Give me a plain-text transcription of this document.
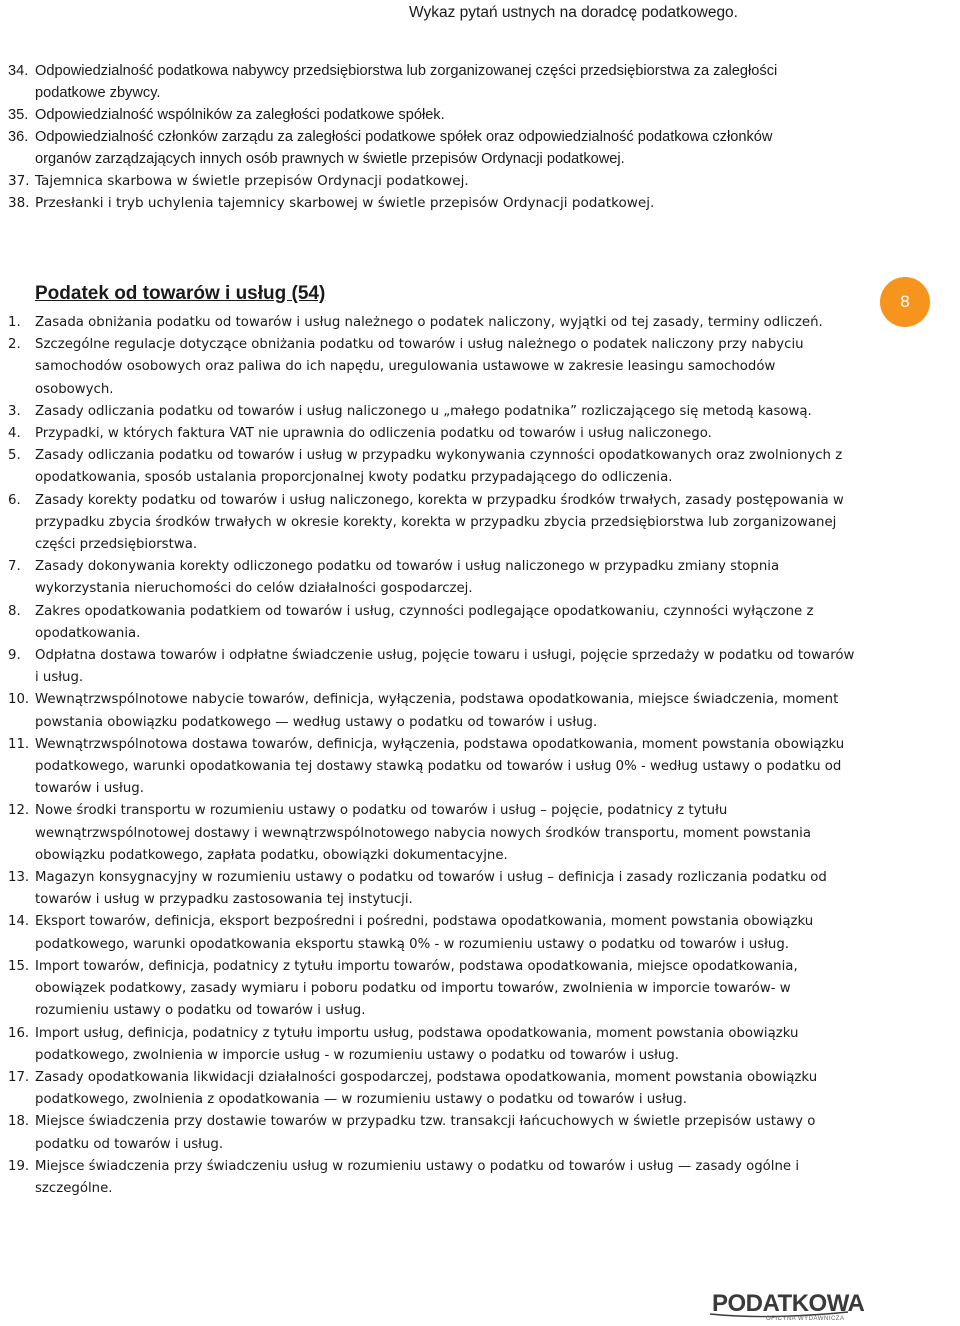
Wykaz pytań ustnych na doradcę podatkowego.
34. Odpowiedzialność podatkowa nabywcy przedsiębiorstwa lub zorganizowanej części przedsiębiorstwa za zaległości podatkowe zbywcy.
35. Odpowiedzialność wspólników za zaległości podatkowe spółek.
36. Odpowiedzialność członków zarządu za zaległości podatkowe spółek oraz odpowiedzialność podatkowa członków organów zarządzających innych osób prawnych w świetle przepisów Ordynacji podatkowej.
37. Tajemnica skarbowa w świetle przepisów Ordynacji podatkowej.
38. Przesłanki i tryb uchylenia tajemnicy skarbowej w świetle przepisów Ordynacji podatkowej.
Podatek od towarów i usług (54)	8
1. Zasada obniżania podatku od towarów i usług należnego o podatek naliczony, wyjątki od tej zasady, terminy odliczeń.
2. Szczególne regulacje dotyczące obniżania podatku od towarów i usług należnego o podatek naliczony przy nabyciu samochodów osobowych oraz paliwa do ich napędu, uregulowania ustawowe w zakresie leasingu samochodów osobowych.
3. Zasady odliczania podatku od towarów i usług naliczonego u „małego podatnika” rozliczającego się metodą kasową.
4. Przypadki, w których faktura VAT nie uprawnia do odliczenia podatku od towarów i usług naliczonego.
5. Zasady odliczania podatku od towarów i usług w przypadku wykonywania czynności opodatkowanych oraz zwolnionych z opodatkowania, sposób ustalania proporcjonalnej kwoty podatku przypadającego do odliczenia.
6. Zasady korekty podatku od towarów i usług naliczonego, korekta w przypadku środków trwałych, zasady postępowania w przypadku zbycia środków trwałych w okresie korekty, korekta w przypadku zbycia przedsiębiorstwa lub zorganizowanej części przedsiębiorstwa.
7. Zasady dokonywania korekty odliczonego podatku od towarów i usług naliczonego w przypadku zmiany stopnia wykorzystania nieruchomości do celów działalności gospodarczej.
8. Zakres opodatkowania podatkiem od towarów i usług, czynności podlegające opodatkowaniu, czynności wyłączone z opodatkowania.
9. Odpłatna dostawa towarów i odpłatne świadczenie usług, pojęcie towaru i usługi, pojęcie sprzedaży w podatku od towarów i usług.
10. Wewnątrzwspólnotowe nabycie towarów, definicja, wyłączenia, podstawa opodatkowania, miejsce świadczenia, moment powstania obowiązku podatkowego — według ustawy o podatku od towarów i usług.
11. Wewnątrzwspólnotowa dostawa towarów, definicja, wyłączenia, podstawa opodatkowania, moment powstania obowiązku podatkowego, warunki opodatkowania tej dostawy stawką podatku od towarów i usług 0% - według ustawy o podatku od towarów i usług.
12. Nowe środki transportu w rozumieniu ustawy o podatku od towarów i usług – pojęcie, podatnicy z tytułu wewnątrzwspólnotowej dostawy i wewnątrzwspólnotowego nabycia nowych środków transportu, moment powstania obowiązku podatkowego, zapłata podatku, obowiązki dokumentacyjne.
13. Magazyn konsygnacyjny w rozumieniu ustawy o podatku od towarów i usług – definicja i zasady rozliczania podatku od towarów i usług w przypadku zastosowania tej instytucji.
14. Eksport towarów, definicja, eksport bezpośredni i pośredni, podstawa opodatkowania, moment powstania obowiązku podatkowego, warunki opodatkowania eksportu stawką 0% - w rozumieniu ustawy o podatku od towarów i usług.
15. Import towarów, definicja, podatnicy z tytułu importu towarów, podstawa opodatkowania, miejsce opodatkowania, obowiązek podatkowy, zasady wymiaru i poboru podatku od importu towarów, zwolnienia w imporcie towarów- w rozumieniu ustawy o podatku od towarów i usług.
16. Import usług, definicja, podatnicy z tytułu importu usług, podstawa opodatkowania, moment powstania obowiązku podatkowego, zwolnienia w imporcie usług - w rozumieniu ustawy o podatku od towarów i usług.
17. Zasady opodatkowania likwidacji działalności gospodarczej, podstawa opodatkowania, moment powstania obowiązku podatkowego, zwolnienia z opodatkowania — w rozumieniu ustawy o podatku od towarów i usług.
18. Miejsce świadczenia przy dostawie towarów w przypadku tzw. transakcji łańcuchowych w świetle przepisów ustawy o podatku od towarów i usług.
19. Miejsce świadczenia przy świadczeniu usług w rozumieniu ustawy o podatku od towarów i usług — zasady ogólne i szczególne.
PODATKOWA
OFICYNA WYDAWNICZA
